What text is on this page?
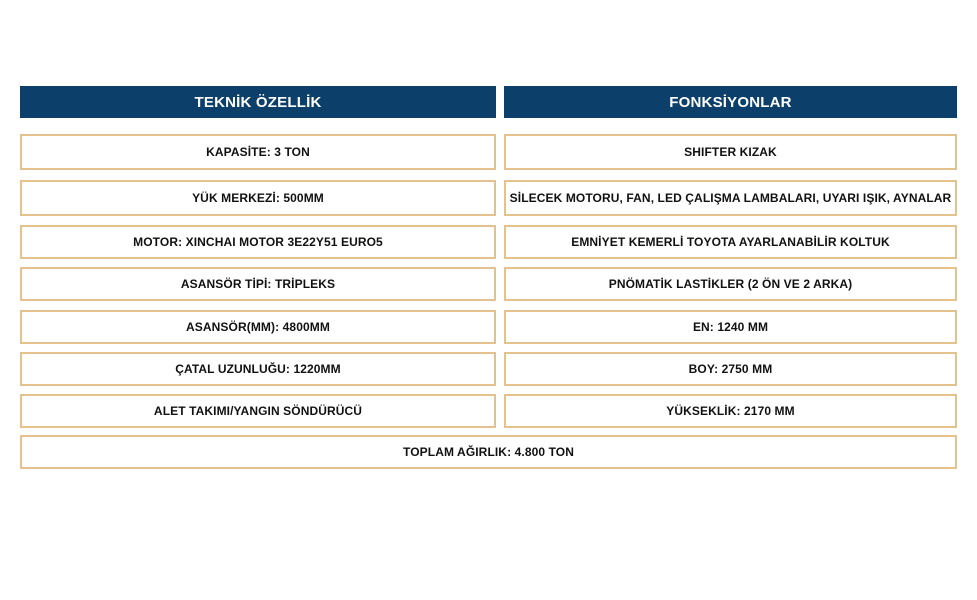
TEKNİK ÖZELLİK	FONKSİYONLAR
KAPASİTE: 3 TON	SHIFTER KIZAK
YÜK MERKEZİ: 500MM	SİLECEK MOTORU, FAN, LED ÇALIŞMA LAMBALARI, UYARI IŞIK, AYNALAR
MOTOR: XINCHAI MOTOR 3E22Y51 EURO5	EMNİYET KEMERLİ TOYOTA AYARLANABİLİR KOLTUK
ASANSÖR TİPİ: TRİPLEKS	PNÖMATİK LASTİKLER (2 ÖN VE 2 ARKA)
ASANSÖR(MM): 4800MM	EN: 1240 MM
ÇATAL UZUNLUĞU: 1220MM	BOY: 2750 MM
ALET TAKIMI/YANGIN SÖNDÜRÜCÜ	YÜKSEKLİK: 2170 MM
TOPLAM AĞIRLIK: 4.800 TON
